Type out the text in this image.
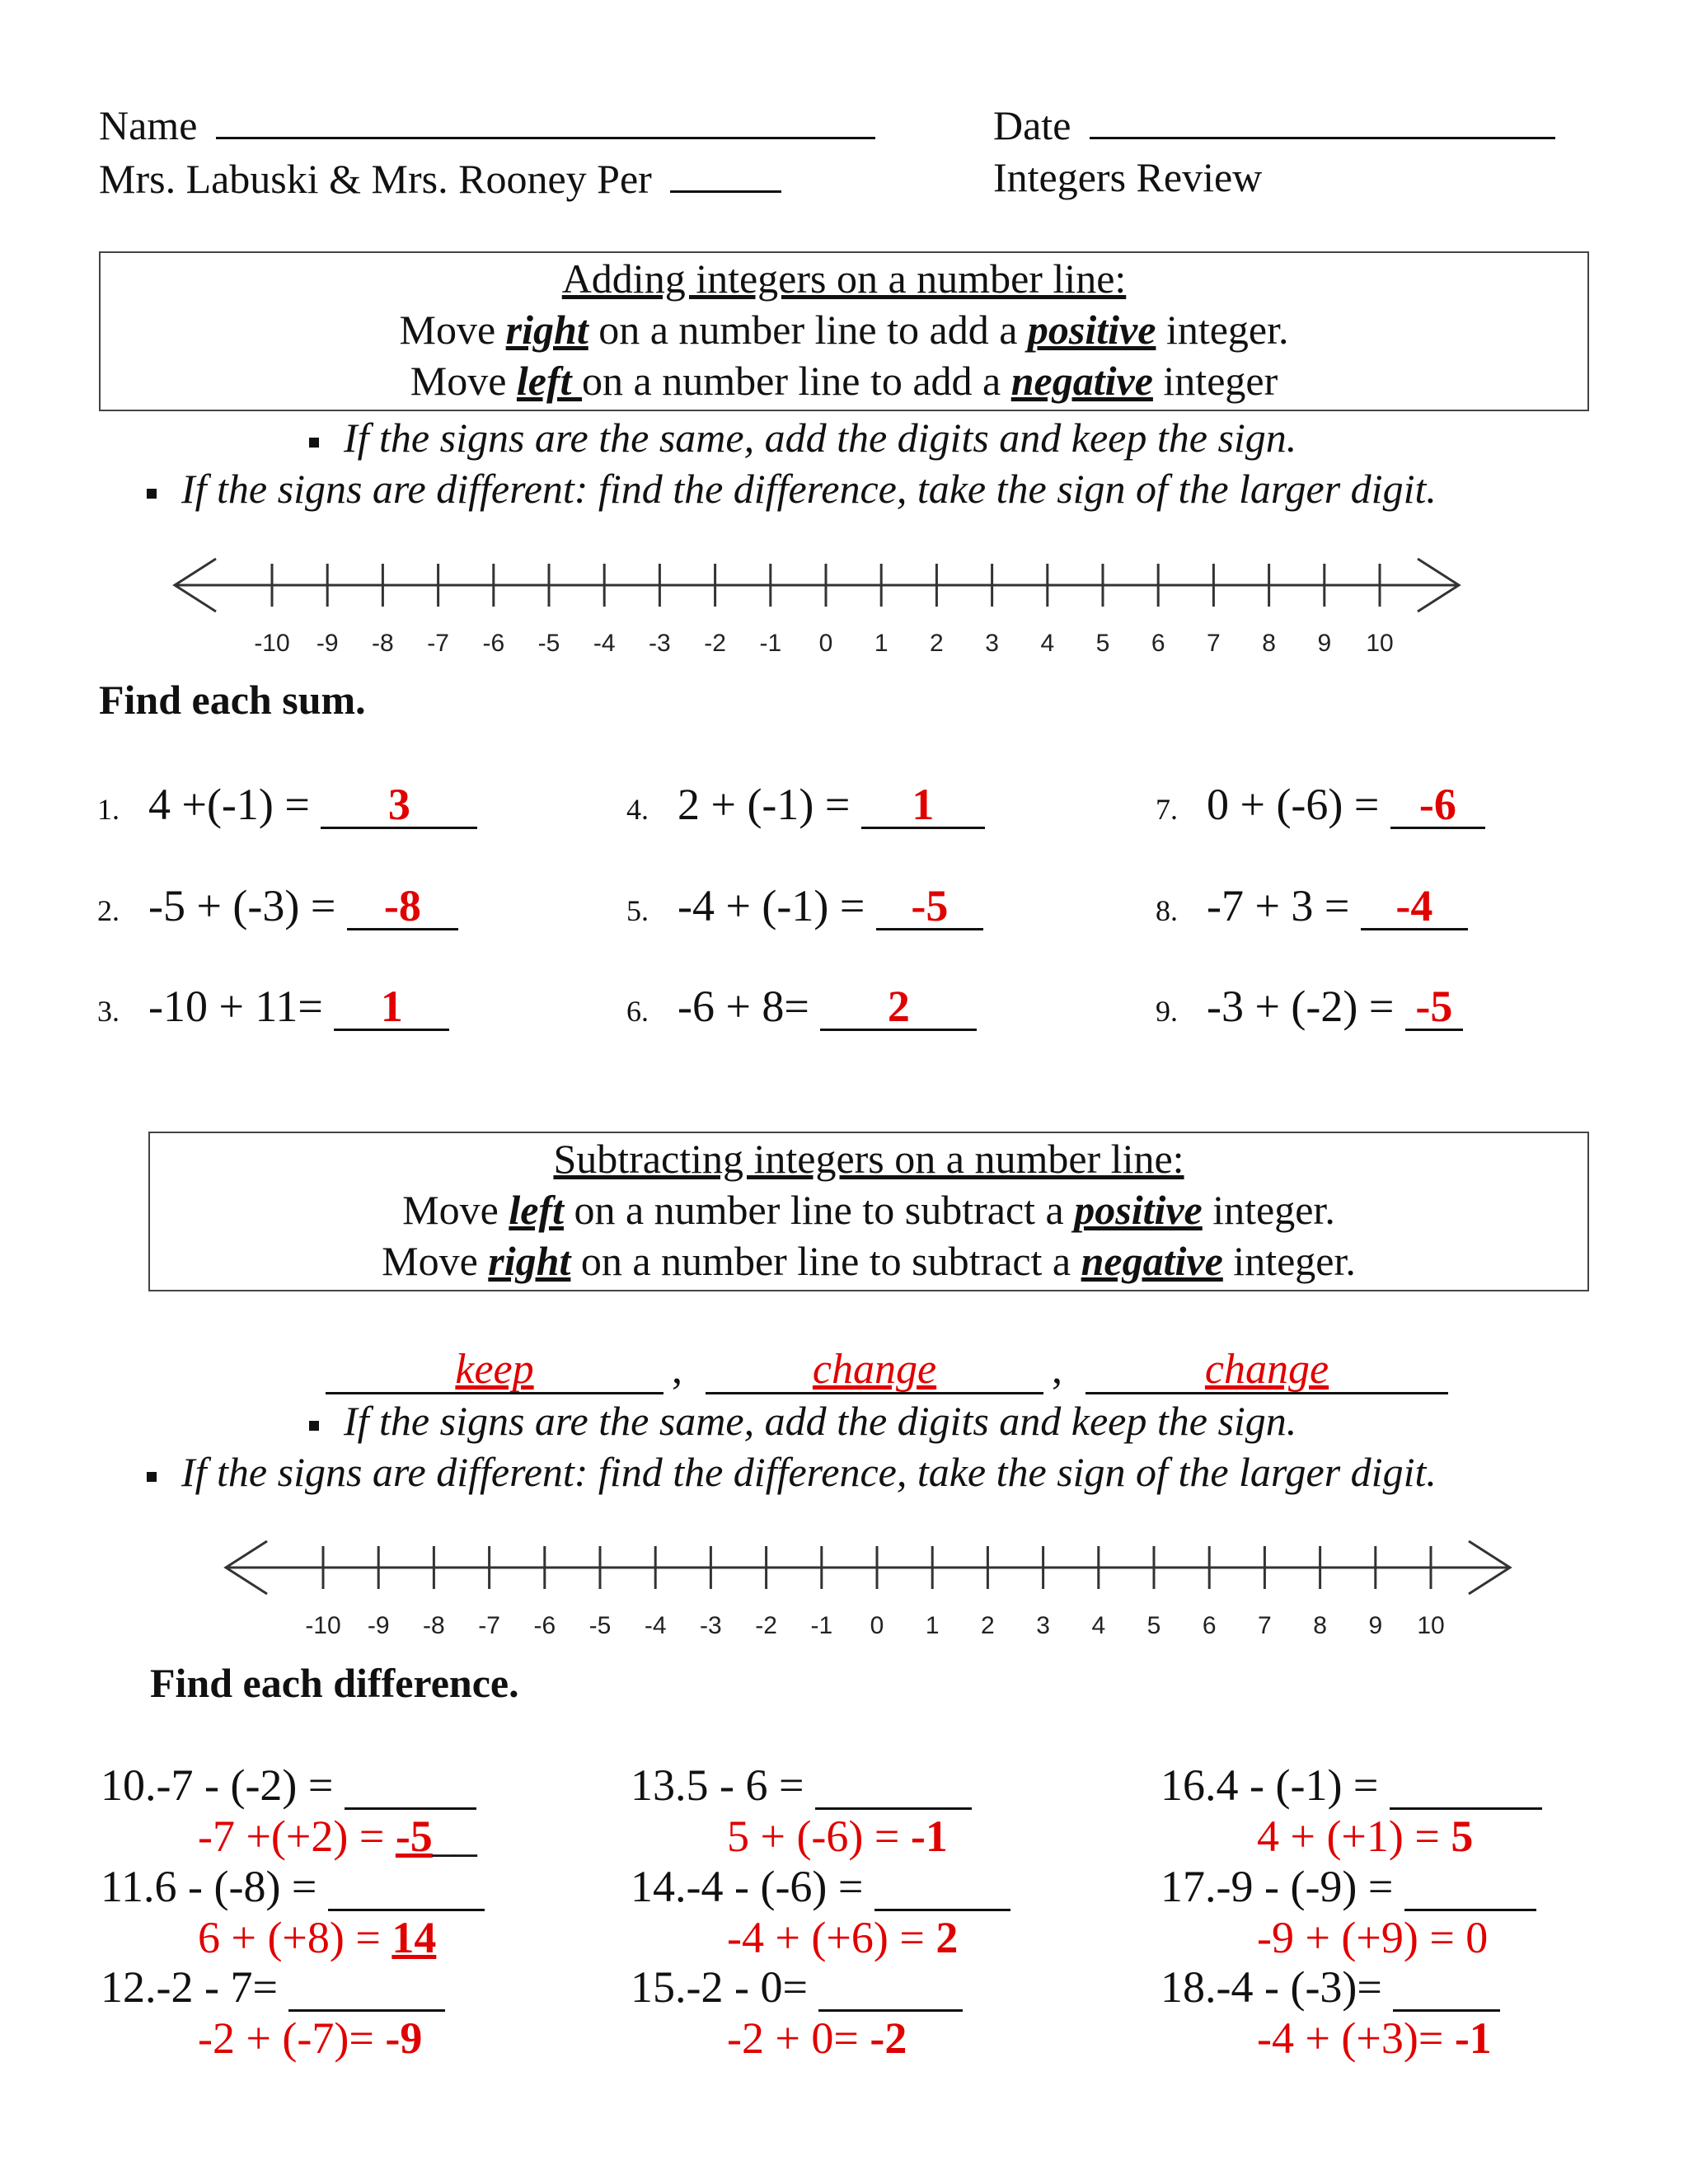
Name	Date
Mrs. Labuski & Mrs. Rooney Per	Integers Review
Adding integers on a number line:
Move right on a number line to add a positive integer.
Move left on a number line to add a negative integer
If the signs are the same, add the digits and keep the sign.
If the signs are different: find the difference, take the sign of the larger digit.
-10 -9 -8 -7 -6 -5 -4 -3 -2 -1 0 1 2 3 4 5 6 7 8 9 10
Find each sum.
1. 4 +(-1) = 3
2. -5 + (-3) = -8
3. -10 + 11= 1
4. 2 + (-1) = 1
5. -4 + (-1) = -5
6. -6 + 8= 2
7. 0 + (-6) = -6
8. -7 + 3 = -4
9. -3 + (-2) = -5
Subtracting integers on a number line:
Move left on a number line to subtract a positive integer.
Move right on a number line to subtract a negative integer.
keep	,	change	,	change
If the signs are the same, add the digits and keep the sign.
If the signs are different: find the difference, take the sign of the larger digit.
-10 -9 -8 -7 -6 -5 -4 -3 -2 -1 0 1 2 3 4 5 6 7 8 9 10
Find each difference.
10.-7 - (-2) =
-7 +(+2) = -5__
11.6 - (-8) =
6 + (+8) = 14
12.-2 - 7=
-2 + (-7)= -9
13.5 - 6 =
5 + (-6) = -1
14.-4 - (-6) =
-4 + (+6) = 2
15.-2 - 0=
-2 + 0= -2
16.4 - (-1) =
4 + (+1) = 5
17.-9 - (-9) =
-9 + (+9) = 0
18.-4 - (-3)=
-4 + (+3)= -1
